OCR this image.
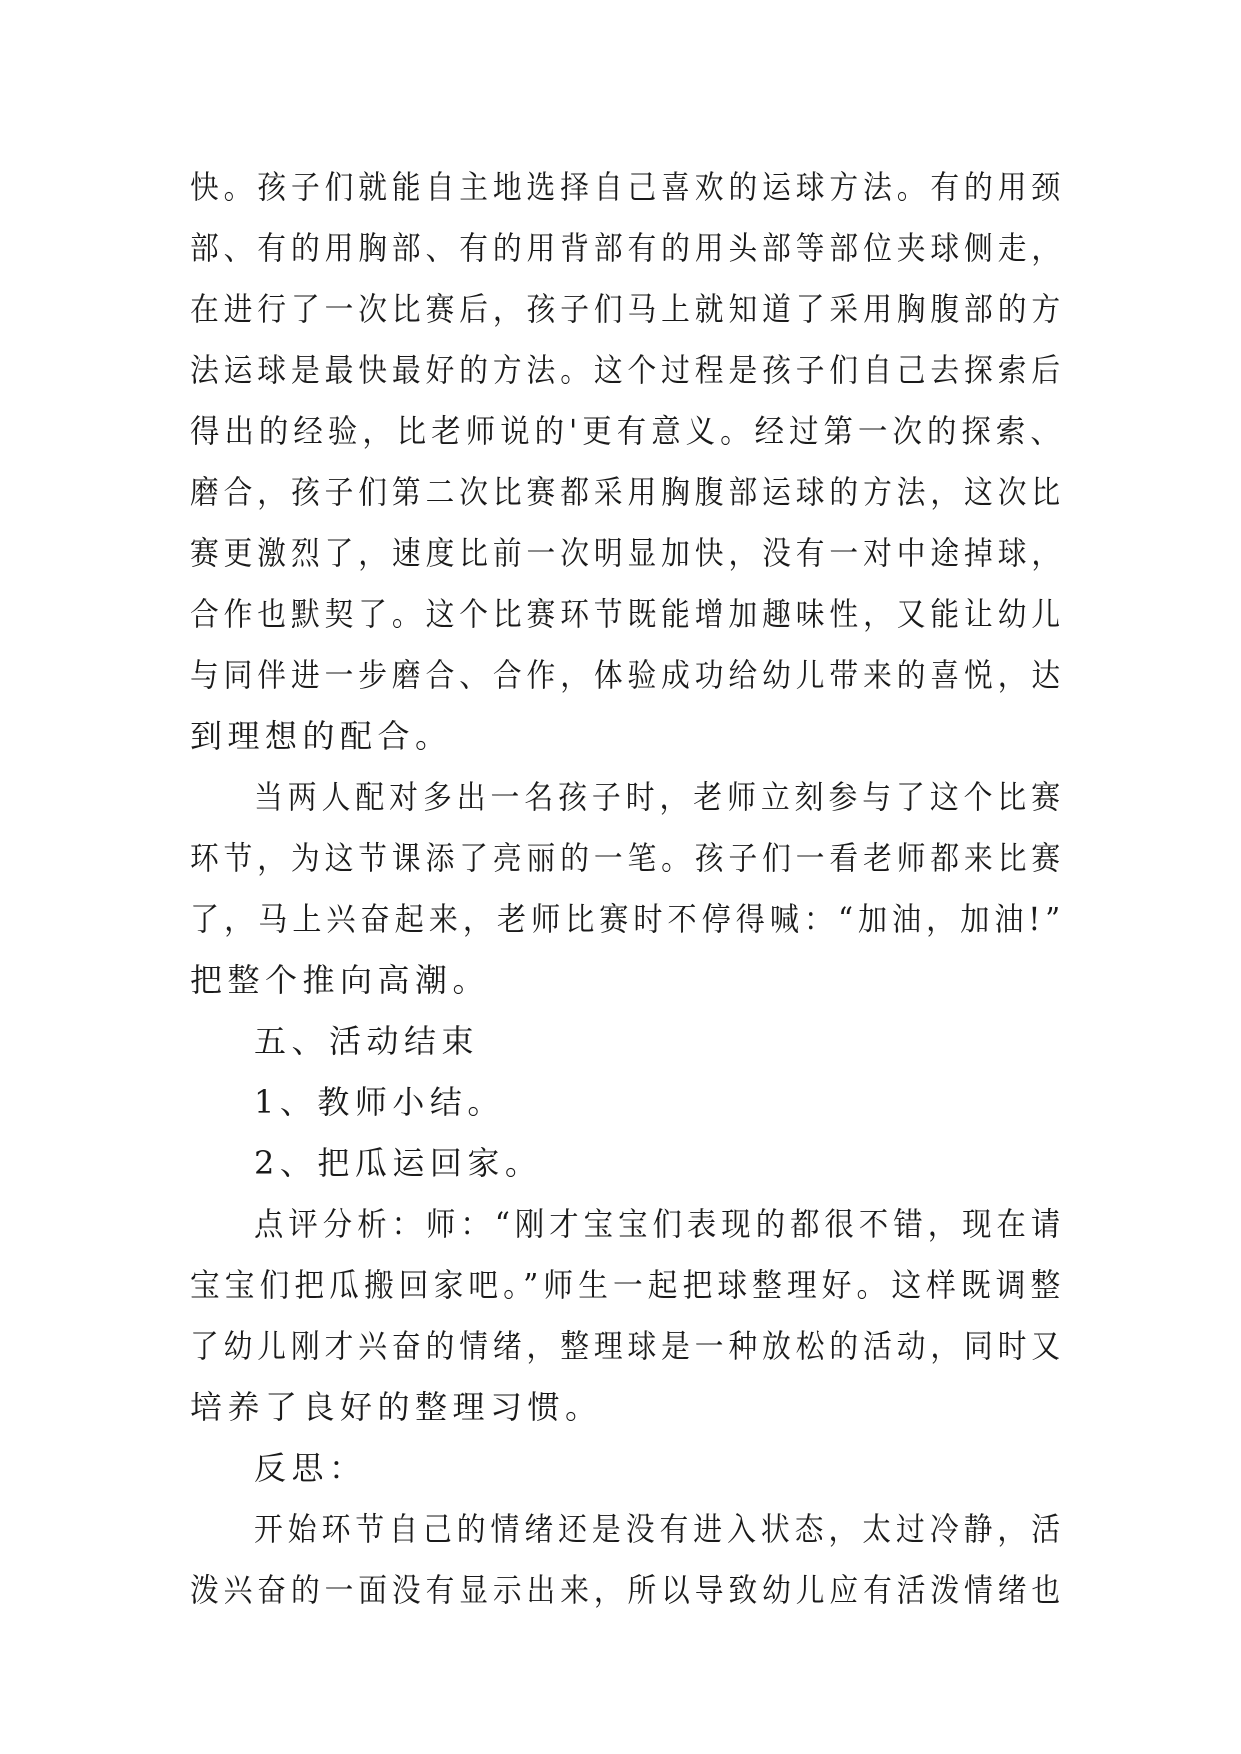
快。孩子们就能自主地选择自己喜欢的运球方法。有的用颈
部、有的用胸部、有的用背部有的用头部等部位夹球侧走，
在进行了一次比赛后，孩子们马上就知道了采用胸腹部的方
法运球是最快最好的方法。这个过程是孩子们自己去探索后
得出的经验，比老师说的'更有意义。经过第一次的探索、
磨合，孩子们第二次比赛都采用胸腹部运球的方法，这次比
赛更激烈了，速度比前一次明显加快，没有一对中途掉球，
合作也默契了。这个比赛环节既能增加趣味性，又能让幼儿
与同伴进一步磨合、合作，体验成功给幼儿带来的喜悦，达
到理想的配合。
当两人配对多出一名孩子时，老师立刻参与了这个比赛
环节，为这节课添了亮丽的一笔。孩子们一看老师都来比赛
了，马上兴奋起来，老师比赛时不停得喊：“加油，加油!”
把整个推向高潮。
五、活动结束
1、教师小结。
2、把瓜运回家。
点评分析：师：“刚才宝宝们表现的都很不错，现在请
宝宝们把瓜搬回家吧。”师生一起把球整理好。这样既调整
了幼儿刚才兴奋的情绪，整理球是一种放松的活动，同时又
培养了良好的整理习惯。
反思：
开始环节自己的情绪还是没有进入状态，太过冷静，活
泼兴奋的一面没有显示出来，所以导致幼儿应有活泼情绪也
